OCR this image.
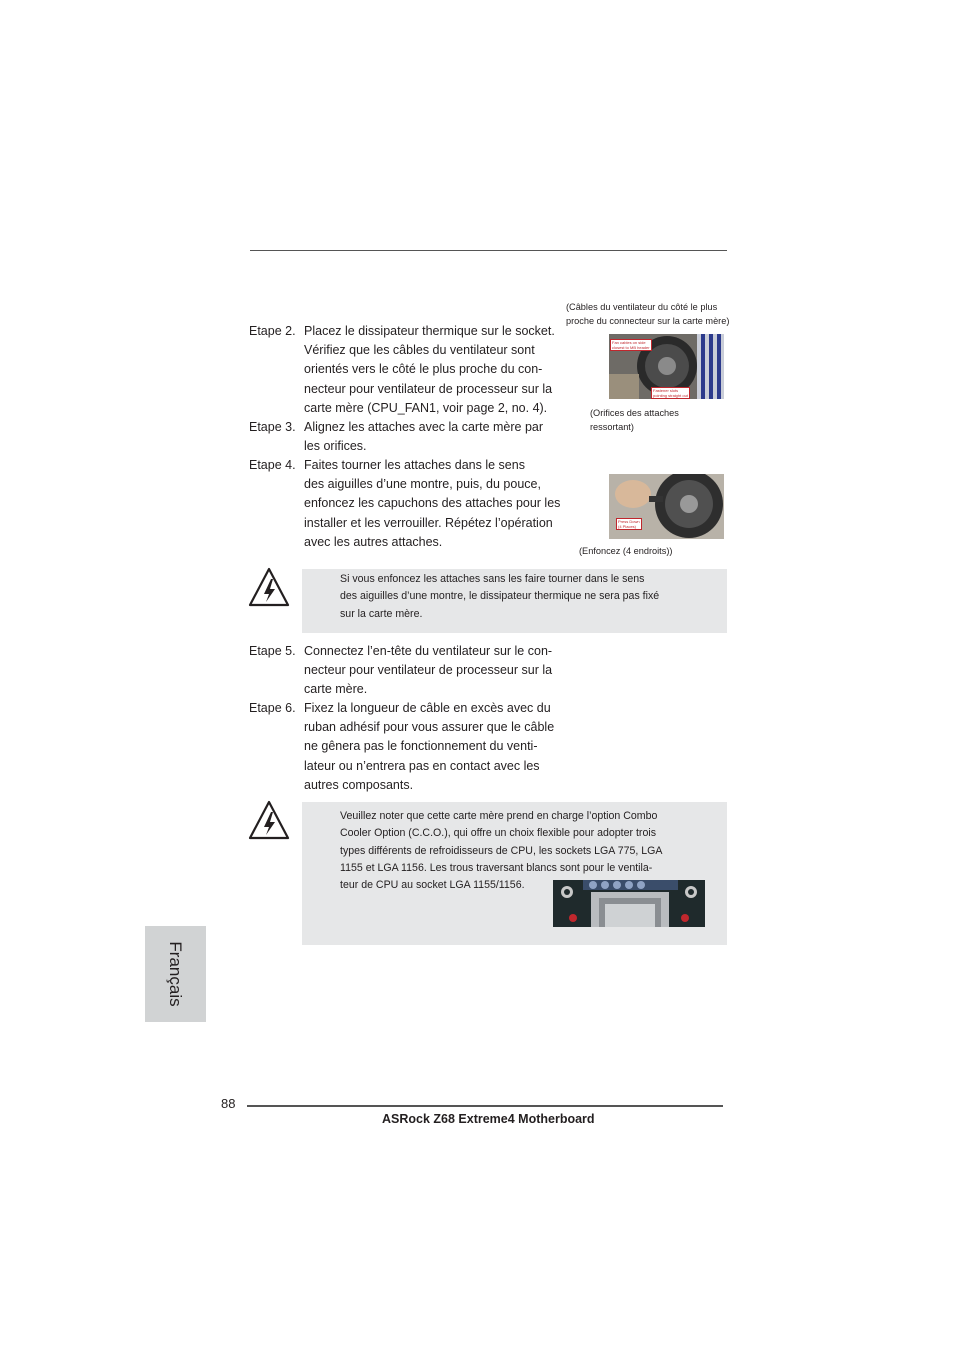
(Câbles du ventilateur du côté le plus
proche du connecteur sur la carte mère)
Etape 2. Placez le dissipateur thermique sur le socket.
Vérifiez que les câbles du ventilateur sont
orientés vers le côté le plus proche du con-
necteur pour ventilateur de processeur sur la
carte mère (CPU_FAN1, voir page 2, no. 4).
Etape 3. Alignez les attaches avec la carte mère par
les orifices.
Etape 4. Faites tourner les attaches dans le sens
des aiguilles d’une montre, puis, du pouce,
enfoncez les capuchons des attaches pour les
installer et les verrouiller. Répétez l’opération
avec les autres attaches.
Fan cables on side
closest to MB header
Fastener slots
pointing straight out
(Orifices des attaches
ressortant)
Press Down
(4 Places)
(Enfoncez (4 endroits))
Si vous enfoncez les attaches sans les faire tourner dans le sens
des aiguilles d’une montre, le dissipateur thermique ne sera pas fixé
sur la carte mère.
Etape 5. Connectez l’en-tête du ventilateur sur le con-
necteur pour ventilateur de processeur sur la
carte mère.
Etape 6. Fixez la longueur de câble en excès avec du
ruban adhésif pour vous assurer que le câble
ne gênera pas le fonctionnement du venti-
lateur ou n’entrera pas en contact avec les
autres composants.
Veuillez noter que cette carte mère prend en charge l’option Combo
Cooler Option (C.C.O.), qui offre un choix flexible pour adopter trois
types différents de refroidisseurs de CPU, les sockets LGA 775, LGA
1155 et LGA 1156. Les trous traversant blancs sont pour le ventila-
teur de CPU au socket LGA 1155/1156.
Français
88
ASRock Z68 Extreme4 Motherboard
